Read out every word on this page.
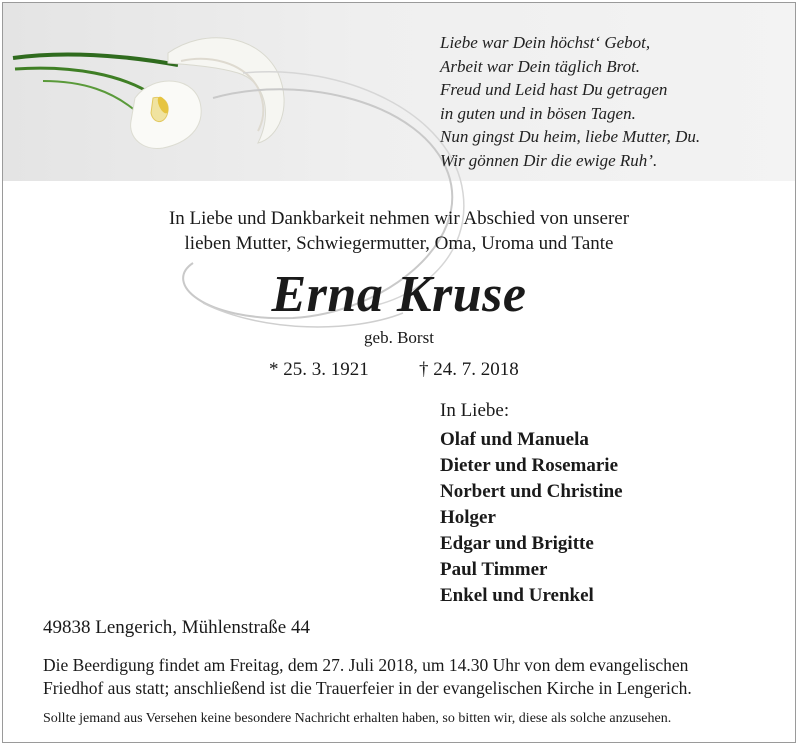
Liebe war Dein höchst‘ Gebot,
Arbeit war Dein täglich Brot.
Freud und Leid hast Du getragen
in guten und in bösen Tagen.
Nun gingst Du heim, liebe Mutter, Du.
Wir gönnen Dir die ewige Ruh’.
In Liebe und Dankbarkeit nehmen wir Abschied von unserer
lieben Mutter, Schwiegermutter, Oma, Uroma und Tante
Erna Kruse
geb. Borst
* 25. 3. 1921	† 24. 7. 2018
In Liebe:
Olaf und Manuela
Dieter und Rosemarie
Norbert und Christine
Holger
Edgar und Brigitte
Paul Timmer
Enkel und Urenkel
49838 Lengerich, Mühlenstraße 44
Die Beerdigung findet am Freitag, dem 27. Juli 2018, um 14.30 Uhr von dem evangelischen
Friedhof aus statt; anschließend ist die Trauerfeier in der evangelischen Kirche in Lengerich.
Sollte jemand aus Versehen keine besondere Nachricht erhalten haben, so bitten wir, diese als solche anzusehen.
